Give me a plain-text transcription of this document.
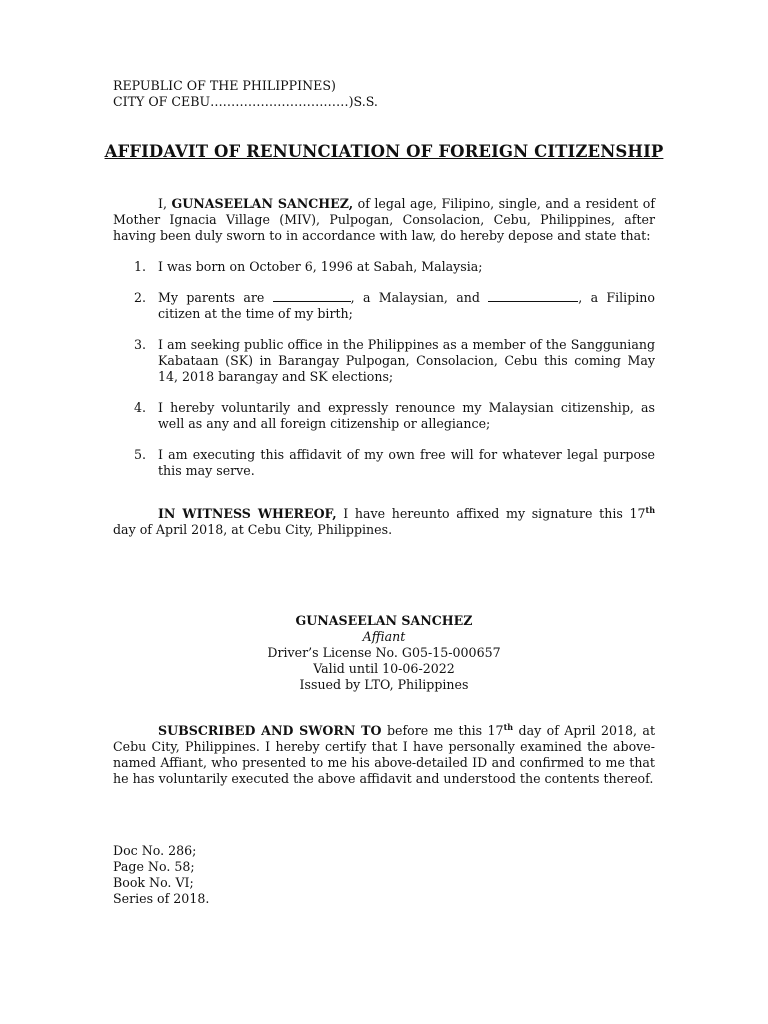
REPUBLIC OF THE PHILIPPINES)
CITY OF CEBU……………………………)S.S.
AFFIDAVIT OF RENUNCIATION OF FOREIGN CITIZENSHIP
I, GUNASEELAN SANCHEZ, of legal age, Filipino, single, and a resident of Mother Ignacia Village (MIV), Pulpogan, Consolacion, Cebu, Philippines, after having been duly sworn to in accordance with law, do hereby depose and state that:
1. I was born on October 6, 1996 at Sabah, Malaysia;
2. My parents are	, a Malaysian, and	, a Filipino citizen at the time of my birth;
3. I am seeking public office in the Philippines as a member of the Sangguniang Kabataan (SK) in Barangay Pulpogan, Consolacion, Cebu this coming May 14, 2018 barangay and SK elections;
4. I hereby voluntarily and expressly renounce my Malaysian citizenship, as well as any and all foreign citizenship or allegiance;
5. I am executing this affidavit of my own free will for whatever legal purpose this may serve.
IN WITNESS WHEREOF, I have hereunto affixed my signature this 17th day of April 2018, at Cebu City, Philippines.
GUNASEELAN SANCHEZ
Affiant
Driver’s License No. G05-15-000657
Valid until 10-06-2022
Issued by LTO, Philippines
SUBSCRIBED AND SWORN TO before me this 17th day of April 2018, at Cebu City, Philippines. I hereby certify that I have personally examined the above-named Affiant, who presented to me his above-detailed ID and confirmed to me that he has voluntarily executed the above affidavit and understood the contents thereof.
Doc No. 286;
Page No. 58;
Book No. VI;
Series of 2018.
